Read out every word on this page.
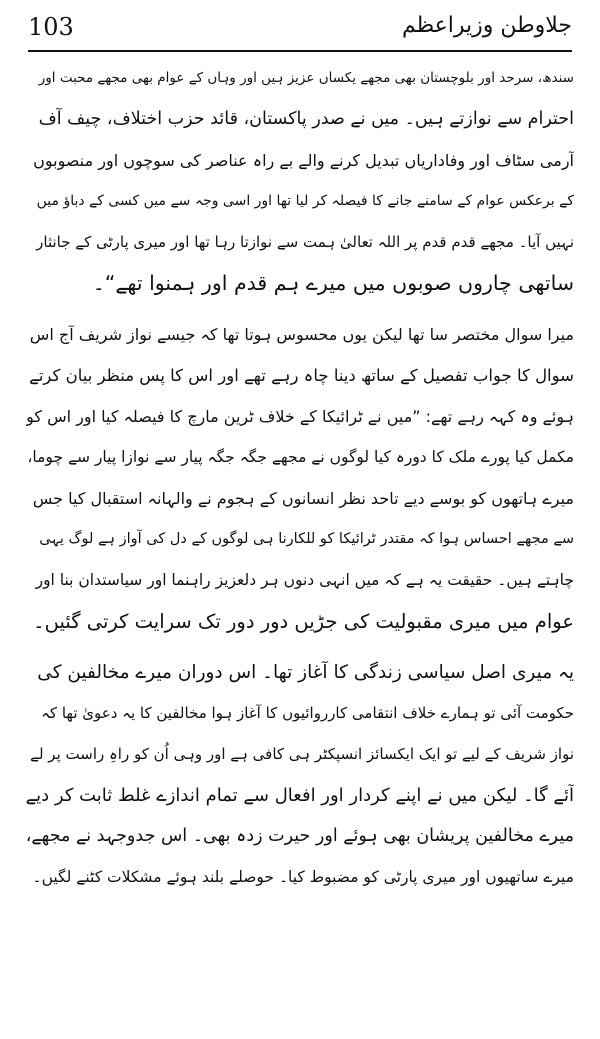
103	جلاوطن وزیراعظم
سندھ، سرحد اور بلوچستان بھی مجھے یکساں عزیز ہیں اور وہاں کے عوام بھی مجھے محبت اور
احترام سے نوازتے ہیں۔ میں نے صدر پاکستان، قائد حزب اختلاف، چیف آف
آرمی سٹاف اور وفاداریاں تبدیل کرنے والے بے راہ عناصر کی سوچوں اور منصوبوں
کے برعکس عوام کے سامنے جانے کا فیصلہ کر لیا تھا اور اسی وجہ سے میں کسی کے دباؤ میں
نہیں آیا۔ مجھے قدم قدم پر اللہ تعالیٰ ہمت سے نوازتا رہا تھا اور میری پارٹی کے جانثار
ساتھی چاروں صوبوں میں میرے ہم قدم اور ہمنوا تھے“۔
میرا سوال مختصر سا تھا لیکن یوں محسوس ہوتا تھا کہ جیسے نواز شریف آج اس
سوال کا جواب تفصیل کے ساتھ دینا چاہ رہے تھے اور اس کا پس منظر بیان کرتے
ہوئے وہ کہہ رہے تھے: ”میں نے ٹرائیکا کے خلاف ٹرین مارچ کا فیصلہ کیا اور اس کو
مکمل کیا پورے ملک کا دورہ کیا لوگوں نے مجھے جگہ جگہ پیار سے نوازا پیار سے چوما،
میرے ہاتھوں کو بوسے دیے تاحد نظر انسانوں کے ہجوم نے والہانہ استقبال کیا جس
سے مجھے احساس ہوا کہ مقتدر ٹرائیکا کو للکارنا ہی لوگوں کے دل کی آواز ہے لوگ یہی
چاہتے ہیں۔ حقیقت یہ ہے کہ میں انہی دنوں ہر دلعزیز راہنما اور سیاستدان بنا اور
عوام میں میری مقبولیت کی جڑیں دور دور تک سرایت کرتی گئیں۔
یہ میری اصل سیاسی زندگی کا آغاز تھا۔ اس دوران میرے مخالفین کی
حکومت آئی تو ہمارے خلاف انتقامی کارروائیوں کا آغاز ہوا مخالفین کا یہ دعویٰ تھا کہ
نواز شریف کے لیے تو ایک ایکسائز انسپکٹر ہی کافی ہے اور وہی اُن کو راہِ راست پر لے
آئے گا۔ لیکن میں نے اپنے کردار اور افعال سے تمام اندازے غلط ثابت کر دیے
میرے مخالفین پریشان بھی ہوئے اور حیرت زدہ بھی۔ اس جدوجہد نے مجھے،
میرے ساتھیوں اور میری پارٹی کو مضبوط کیا۔ حوصلے بلند ہوئے مشکلات کٹنے لگیں۔
